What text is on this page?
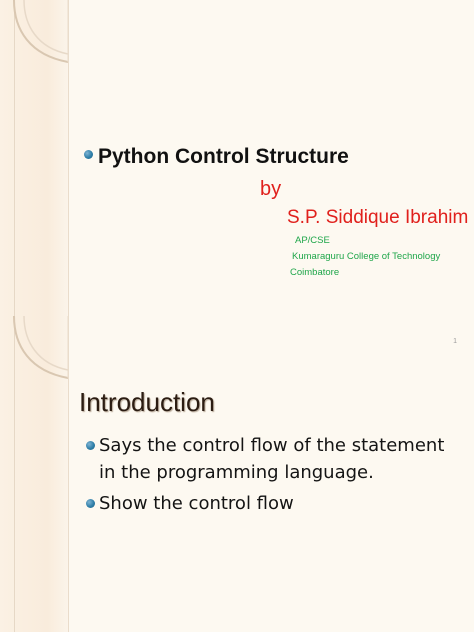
Python Control Structure
by
S.P. Siddique Ibrahim
AP/CSE
Kumaraguru College of Technology
Coimbatore
1
Introduction
Says the control flow of the statement in the programming language.
Show the control flow
